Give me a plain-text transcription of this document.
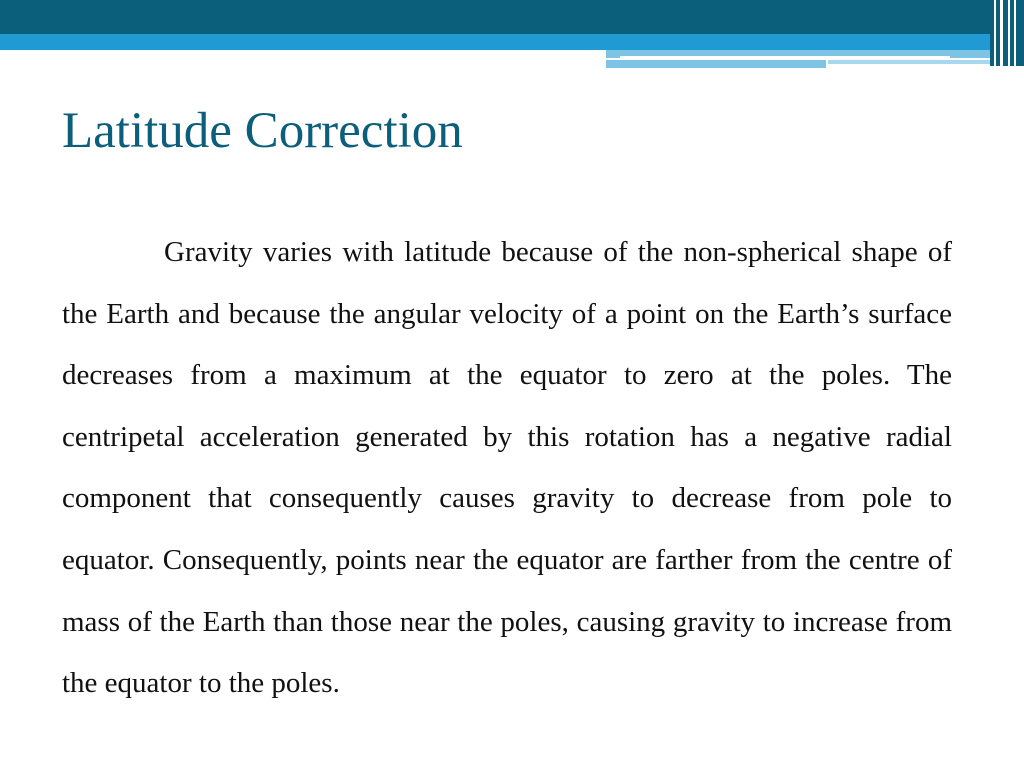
Latitude Correction

Gravity varies with latitude because of the non-spherical shape of the Earth and because the angular velocity of a point on the Earth’s surface decreases from a maximum at the equator to zero at the poles. The centripetal acceleration generated by this rotation has a negative radial component that consequently causes gravity to decrease from pole to equator. Consequently, points near the equator are farther from the centre of mass of the Earth than those near the poles, causing gravity to increase from the equator to the poles.
